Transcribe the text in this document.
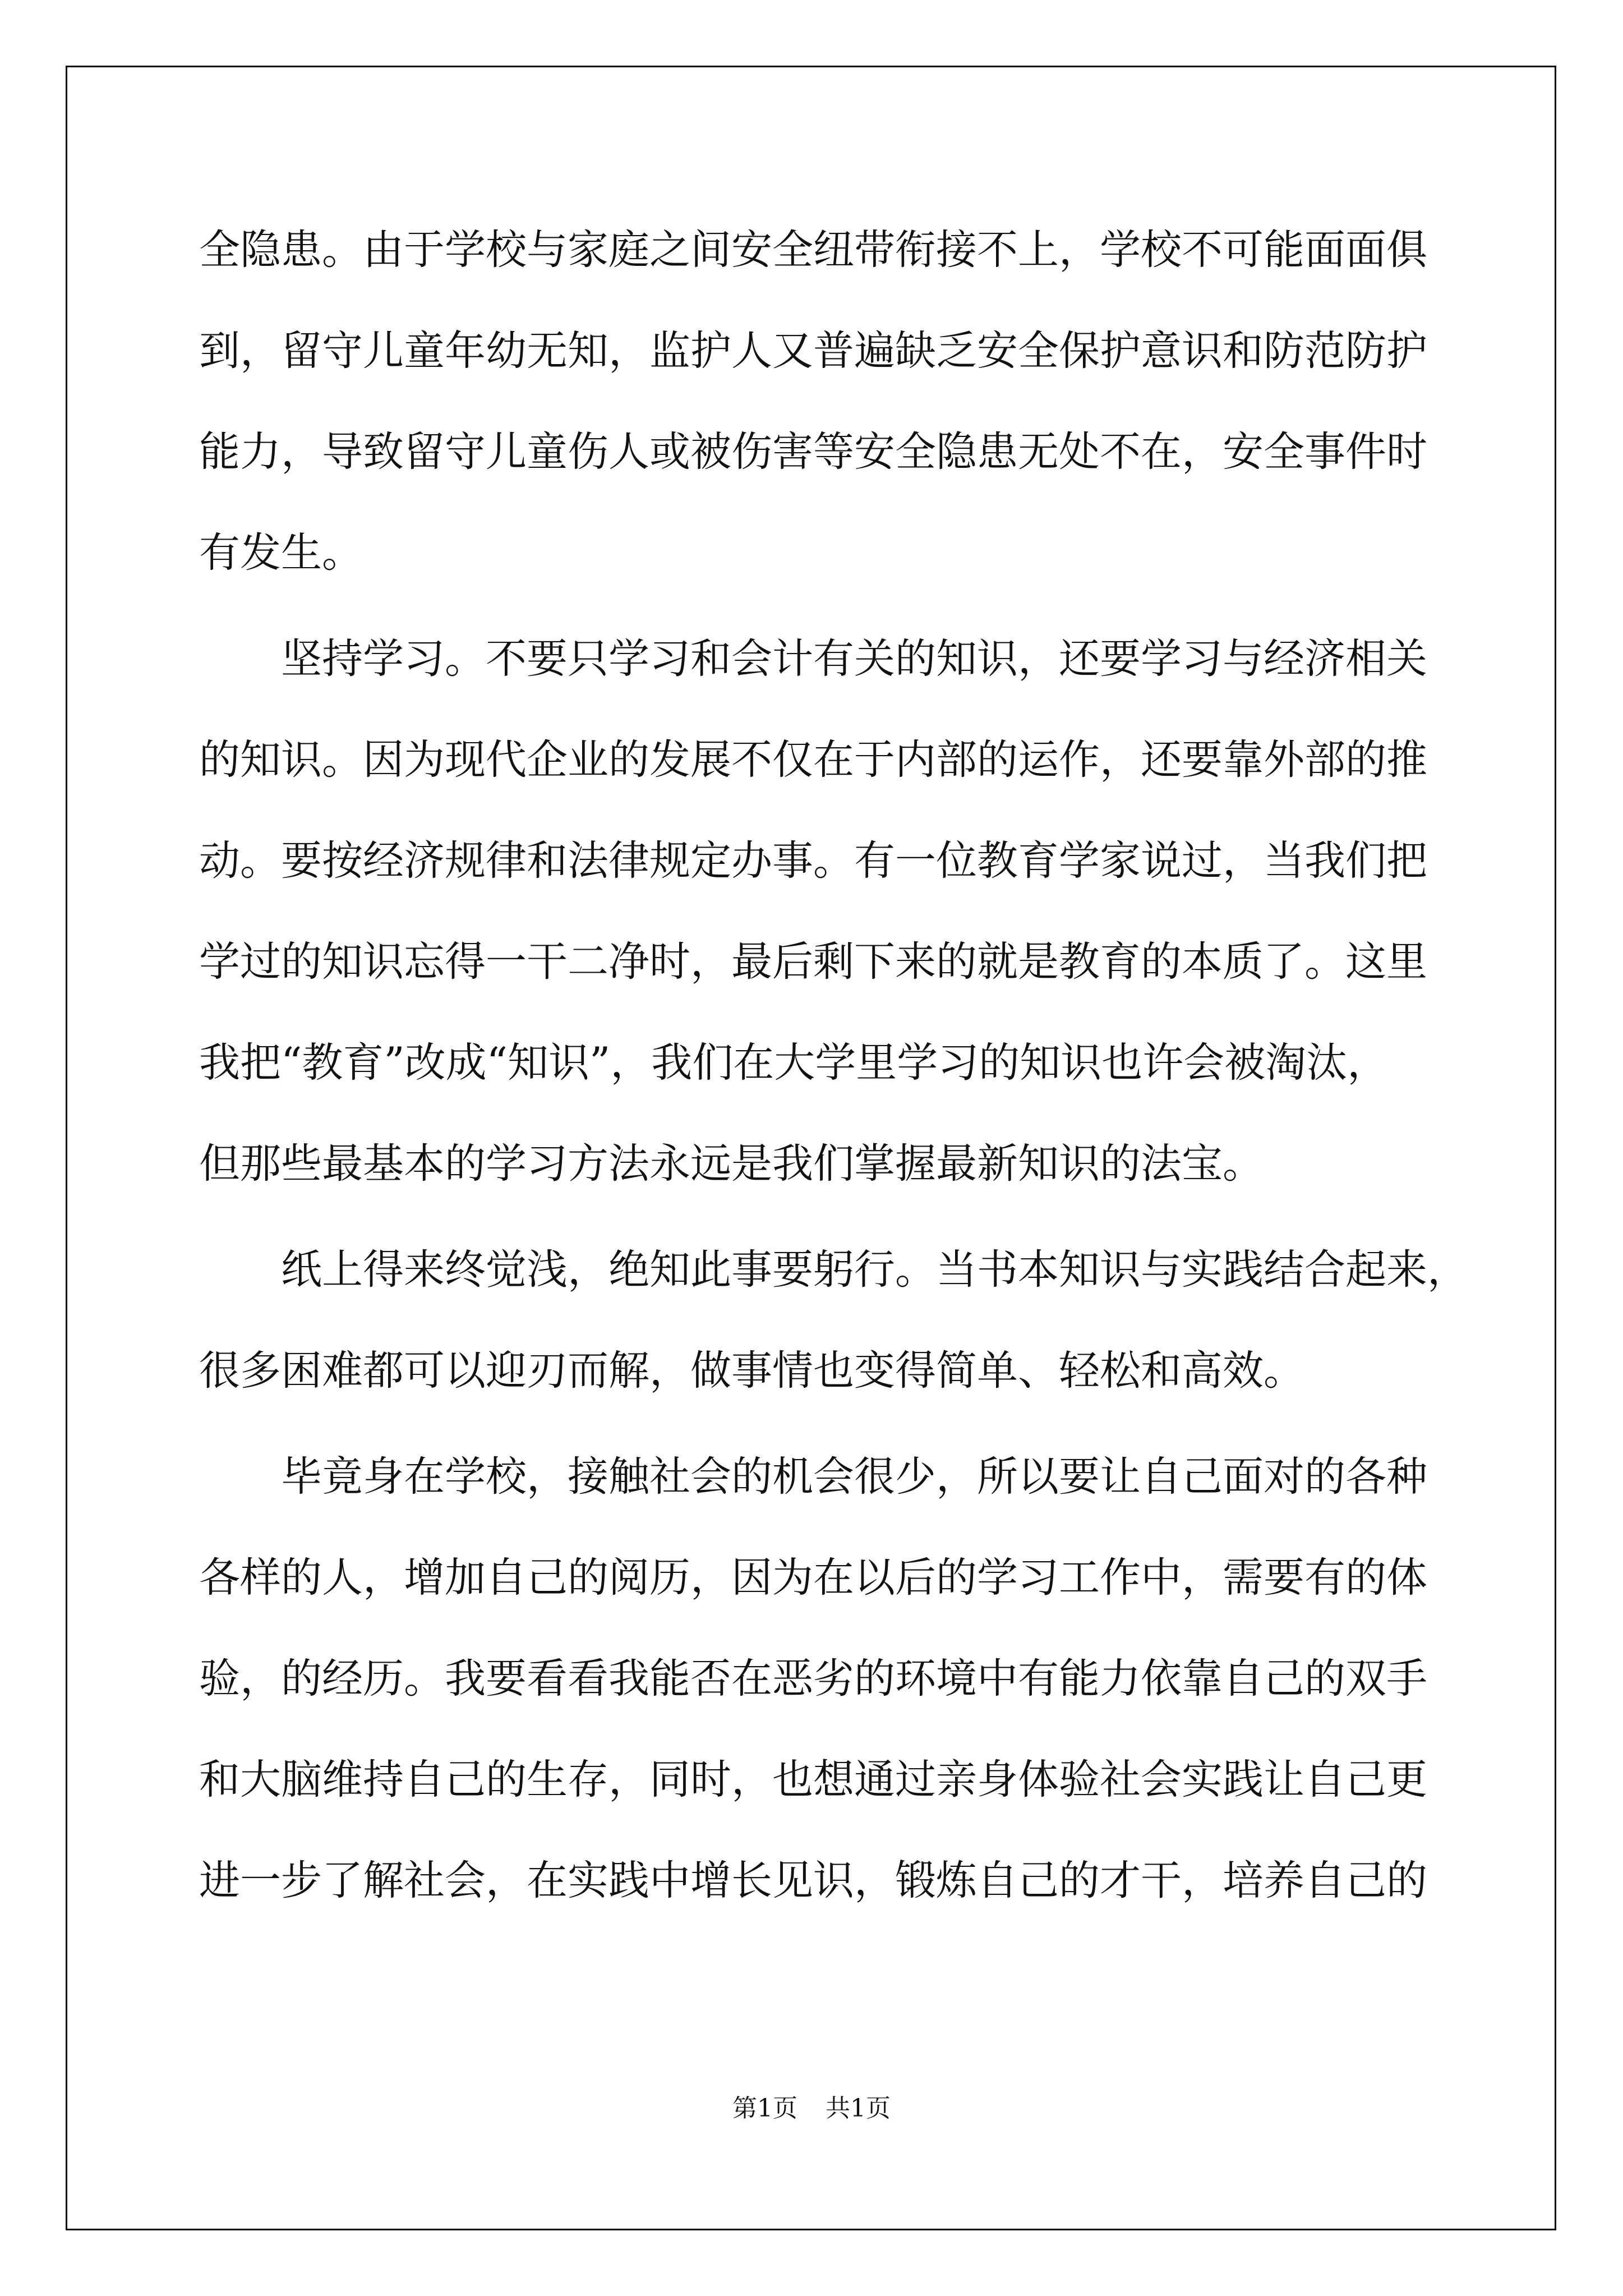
全隐患。由于学校与家庭之间安全纽带衔接不上，学校不可能面面俱
到，留守儿童年幼无知，监护人又普遍缺乏安全保护意识和防范防护
能力，导致留守儿童伤人或被伤害等安全隐患无处不在，安全事件时
有发生。
　　坚持学习。不要只学习和会计有关的知识，还要学习与经济相关
的知识。因为现代企业的发展不仅在于内部的运作，还要靠外部的推
动。要按经济规律和法律规定办事。有一位教育学家说过，当我们把
学过的知识忘得一干二净时，最后剩下来的就是教育的本质了。这里
我把“教育”改成“知识”，我们在大学里学习的知识也许会被淘汰，
但那些最基本的学习方法永远是我们掌握最新知识的法宝。
　　纸上得来终觉浅，绝知此事要躬行。当书本知识与实践结合起来，
很多困难都可以迎刃而解，做事情也变得简单、轻松和高效。
　　毕竟身在学校，接触社会的机会很少，所以要让自己面对的各种
各样的人，增加自己的阅历，因为在以后的学习工作中，需要有的体
验，的经历。我要看看我能否在恶劣的环境中有能力依靠自己的双手
和大脑维持自己的生存，同时，也想通过亲身体验社会实践让自己更
进一步了解社会，在实践中增长见识，锻炼自己的才干，培养自己的
第1页 共1页
